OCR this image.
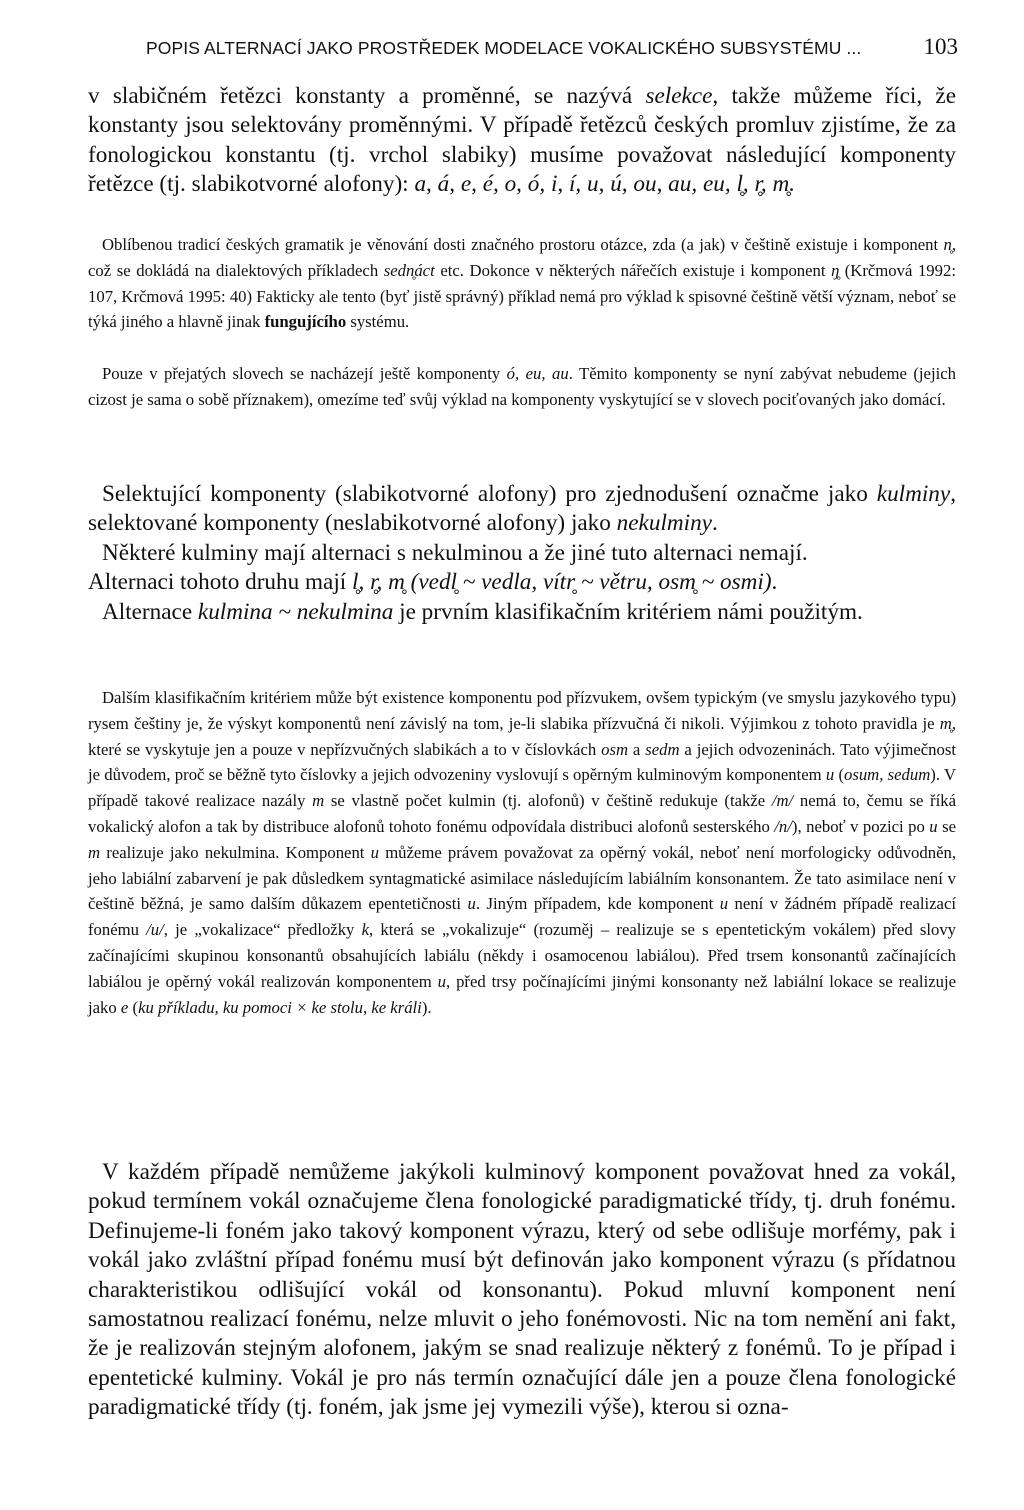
POPIS ALTERNACÍ JAKO PROSTŘEDEK MODELACE VOKALICKÉHO SUBSYSTÉMU ...	103

v slabičném řetězci konstanty a proměnné, se nazývá selekce, takže můžeme říci, že konstanty jsou selektovány proměnnými. V případě řetězců českých promluv zjistíme, že za fonologickou konstantu (tj. vrchol slabiky) musíme považovat následující komponenty řetězce (tj. slabikotvorné alofony): a, á, e, é, o, ó, i, í, u, ú, ou, au, eu, l̥, r̥, m̥.

Oblíbenou tradicí českých gramatik je věnování dosti značného prostoru otázce, zda (a jak) v češtině existuje i komponent n̥, což se dokládá na dialektových příkladech sedn̥áct etc. Dokonce v některých nářečích existuje i komponent ŋ̥ (Krčmová 1992: 107, Krčmová 1995: 40) Fakticky ale tento (byť jistě správný) příklad nemá pro výklad k spisovné češtině větší význam, neboť se týká jiného a hlavně jinak fungujícího systému.

Pouze v přejatých slovech se nacházejí ještě komponenty ó, eu, au. Těmito komponenty se nyní zabývat nebudeme (jejich cizost je sama o sobě příznakem), omezíme teď svůj výklad na komponenty vyskytující se v slovech pociťovaných jako domácí.

Selektující komponenty (slabikotvorné alofony) pro zjednodušení označme jako kulminy, selektované komponenty (neslabikotvorné alofony) jako nekulminy.

Některé kulminy mají alternaci s nekulminou a že jiné tuto alternaci nemají.

Alternaci tohoto druhu mají l̥, r̥, m̥ (vedl̥ ~ vedla, vítr̥ ~ větru, osm̥ ~ osmi).

Alternace kulmina ~ nekulmina je prvním klasifikačním kritériem námi použitým.

Dalším klasifikačním kritériem může být existence komponentu pod přízvukem, ovšem typickým (ve smyslu jazykového typu) rysem češtiny je, že výskyt komponentů není závislý na tom, je-li slabika přízvučná či nikoli. Výjimkou z tohoto pravidla je m̥, které se vyskytuje jen a pouze v nepřízvučných slabikách a to v číslovkách osm a sedm a jejich odvozeninách. Tato výjimečnost je důvodem, proč se běžně tyto číslovky a jejich odvozeniny vyslovují s opěrným kulminovým komponentem u (osum, sedum). V případě takové realizace nazály m se vlastně počet kulmin (tj. alofonů) v češtině redukuje (takže /m/ nemá to, čemu se říká vokalický alofon a tak by distribuce alofonů tohoto fonému odpovídala distribuci alofonů sesterského /n/), neboť v pozici po u se m realizuje jako nekulmina. Komponent u můžeme právem považovat za opěrný vokál, neboť není morfologicky odůvodněn, jeho labiální zabarvení je pak důsledkem syntagmatické asimilace následujícím labiálním konsonantem. Že tato asimilace není v češtině běžná, je samo dalším důkazem epentetičnosti u. Jiným případem, kde komponent u není v žádném případě realizací fonému /u/, je „vokalizace“ předložky k, která se „vokalizuje“ (rozuměj – realizuje se s epentetickým vokálem) před slovy začínajícími skupinou konsonantů obsahujících labiálu (někdy i osamocenou labiálou). Před trsem konsonantů začínajících labiálou je opěrný vokál realizován komponentem u, před trsy počínajícími jinými konsonanty než labiální lokace se realizuje jako e (ku příkladu, ku pomoci × ke stolu, ke králi).

V každém případě nemůžeme jakýkoli kulminový komponent považovat hned za vokál, pokud termínem vokál označujeme člena fonologické paradigmatické třídy, tj. druh fonému. Definujeme-li foném jako takový komponent výrazu, který od sebe odlišuje morfémy, pak i vokál jako zvláštní případ fonému musí být definován jako komponent výrazu (s přídatnou charakteristikou odlišující vokál od konsonantu). Pokud mluvní komponent není samostatnou realizací fonému, nelze mluvit o jeho fonémovosti. Nic na tom nemění ani fakt, že je realizován stejným alofonem, jakým se snad realizuje některý z fonémů. To je případ i epentetické kulminy. Vokál je pro nás termín označující dále jen a pouze člena fonologické paradigmatické třídy (tj. foném, jak jsme jej vymezili výše), kterou si ozna-
